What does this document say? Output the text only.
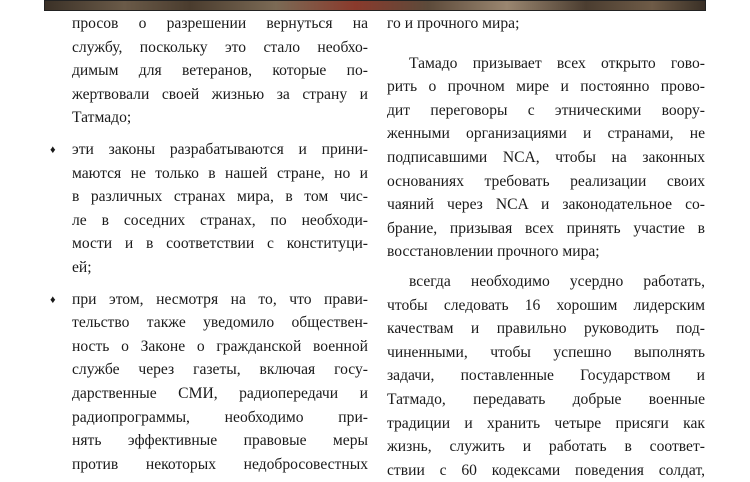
просов о разрешении вернуться на
службу, поскольку это стало необхо-
димым для ветеранов, которые по-
жертвовали своей жизнью за страну и
Татмадо;
♦ эти законы разрабатываются и прини-
маются не только в нашей стране, но и
в различных странах мира, в том чис-
ле в соседних странах, по необходи-
мости и в соответствии с конституци-
ей;
♦ при этом, несмотря на то, что прави-
тельство также уведомило обществен-
ность о Законе о гражданской военной
службе через газеты, включая госу-
дарственные СМИ, радиопередачи и
радиопрограммы, необходимо при-
нять эффективные правовые меры
против некоторых недобросовестных
го и прочного мира;
Тамадо призывает всех открыто гово-
рить о прочном мире и постоянно прово-
дит переговоры с этническими воору-
женными организациями и странами, не
подписавшими NCA, чтобы на законных
основаниях требовать реализации своих
чаяний через NCA и законодательное со-
брание, призывая всех принять участие в
восстановлении прочного мира;
всегда необходимо усердно работать,
чтобы следовать 16 хорошим лидерским
качествам и правильно руководить под-
чиненными, чтобы успешно выполнять
задачи, поставленные Государством и
Татмадо, передавать добрые военные
традиции и хранить четыре присяги как
жизнь, служить и работать в соответ-
ствии с 60 кодексами поведения солдат,
